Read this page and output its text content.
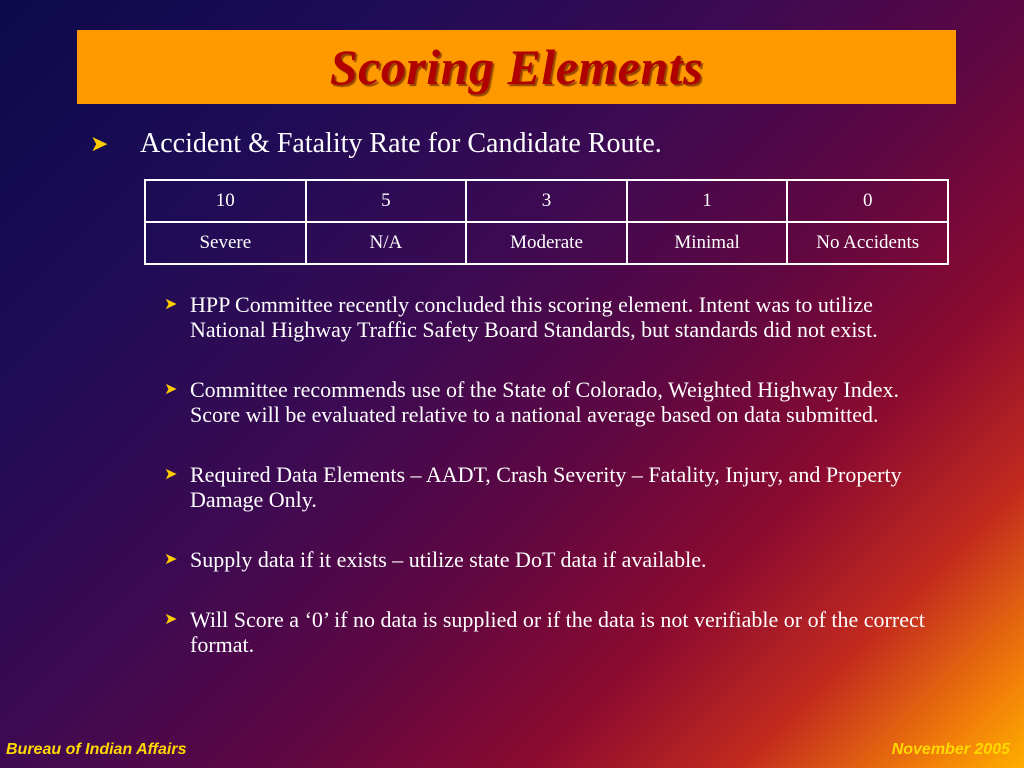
Scoring Elements
➤	Accident & Fatality Rate for Candidate Route.
10	5	3	1	0
Severe	N/A	Moderate	Minimal	No Accidents
➤ HPP Committee recently concluded this scoring element. Intent was to utilize National Highway Traffic Safety Board Standards, but standards did not exist.
➤ Committee recommends use of the State of Colorado, Weighted Highway Index. Score will be evaluated relative to a national average based on data submitted.
➤ Required Data Elements – AADT, Crash Severity – Fatality, Injury, and Property Damage Only.
➤ Supply data if it exists – utilize state DoT data if available.
➤ Will Score a ‘0’ if no data is supplied or if the data is not verifiable or of the correct format.
Bureau of Indian Affairs	November 2005
